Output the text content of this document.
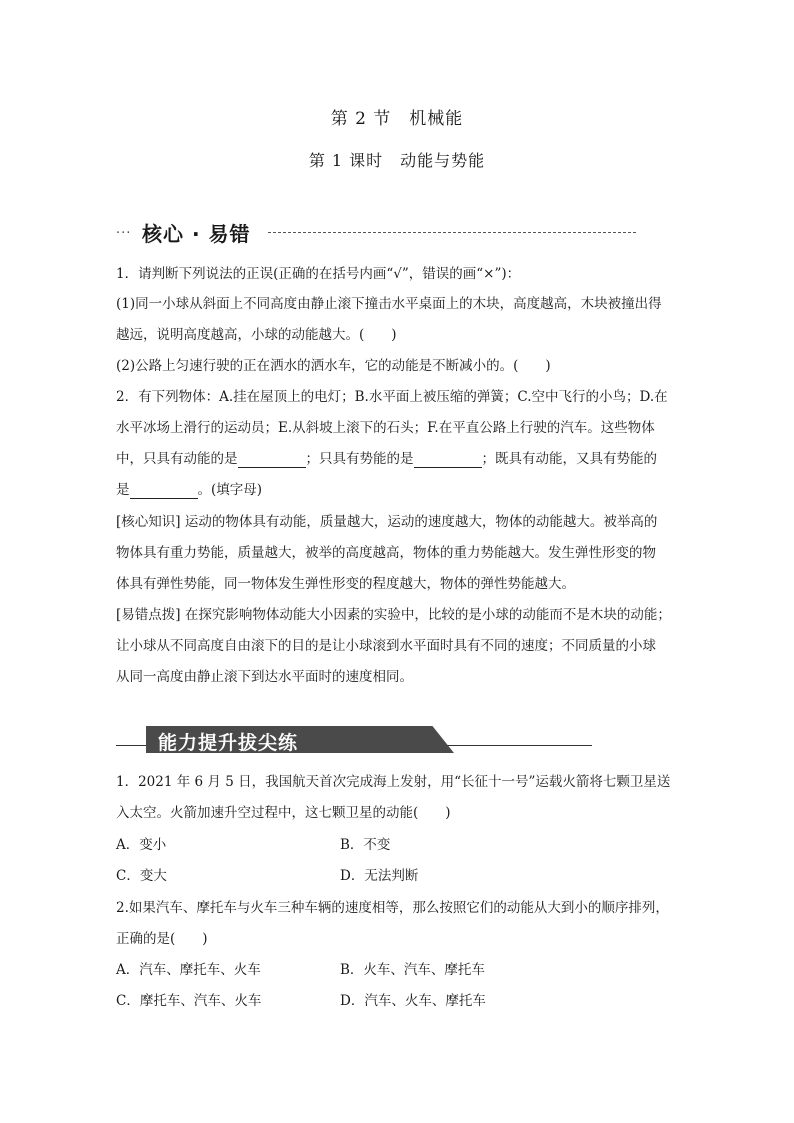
第 2 节　机械能
第 1 课时　动能与势能
··· 核心 · 易错
1．请判断下列说法的正误(正确的在括号内画“√”，错误的画“×”)：
(1)同一小球从斜面上不同高度由静止滚下撞击水平桌面上的木块，高度越高，木块被撞出得
越远，说明高度越高，小球的动能越大。(　　)
(2)公路上匀速行驶的正在洒水的洒水车，它的动能是不断减小的。(　　)
2．有下列物体：A.挂在屋顶上的电灯；B.水平面上被压缩的弹簧；C.空中飞行的小鸟；D.在
水平冰场上滑行的运动员；E.从斜坡上滚下的石头；F.在平直公路上行驶的汽车。这些物体
中，只具有动能的是	；只具有势能的是	；既具有动能，又具有势能的
是	。(填字母)
[核心知识] 运动的物体具有动能，质量越大，运动的速度越大，物体的动能越大。被举高的
物体具有重力势能，质量越大，被举的高度越高，物体的重力势能越大。发生弹性形变的物
体具有弹性势能，同一物体发生弹性形变的程度越大，物体的弹性势能越大。
[易错点拨] 在探究影响物体动能大小因素的实验中，比较的是小球的动能而不是木块的动能；
让小球从不同高度自由滚下的目的是让小球滚到水平面时具有不同的速度；不同质量的小球
从同一高度由静止滚下到达水平面时的速度相同。
能力提升拔尖练
1．2021 年 6 月 5 日，我国航天首次完成海上发射，用“长征十一号”运载火箭将七颗卫星送
入太空。火箭加速升空过程中，这七颗卫星的动能(　　)
A．变小	B．不变
C．变大	D．无法判断
2.如果汽车、摩托车与火车三种车辆的速度相等，那么按照它们的动能从大到小的顺序排列，
正确的是(　　)
A．汽车、摩托车、火车	B．火车、汽车、摩托车
C．摩托车、汽车、火车	D．汽车、火车、摩托车
